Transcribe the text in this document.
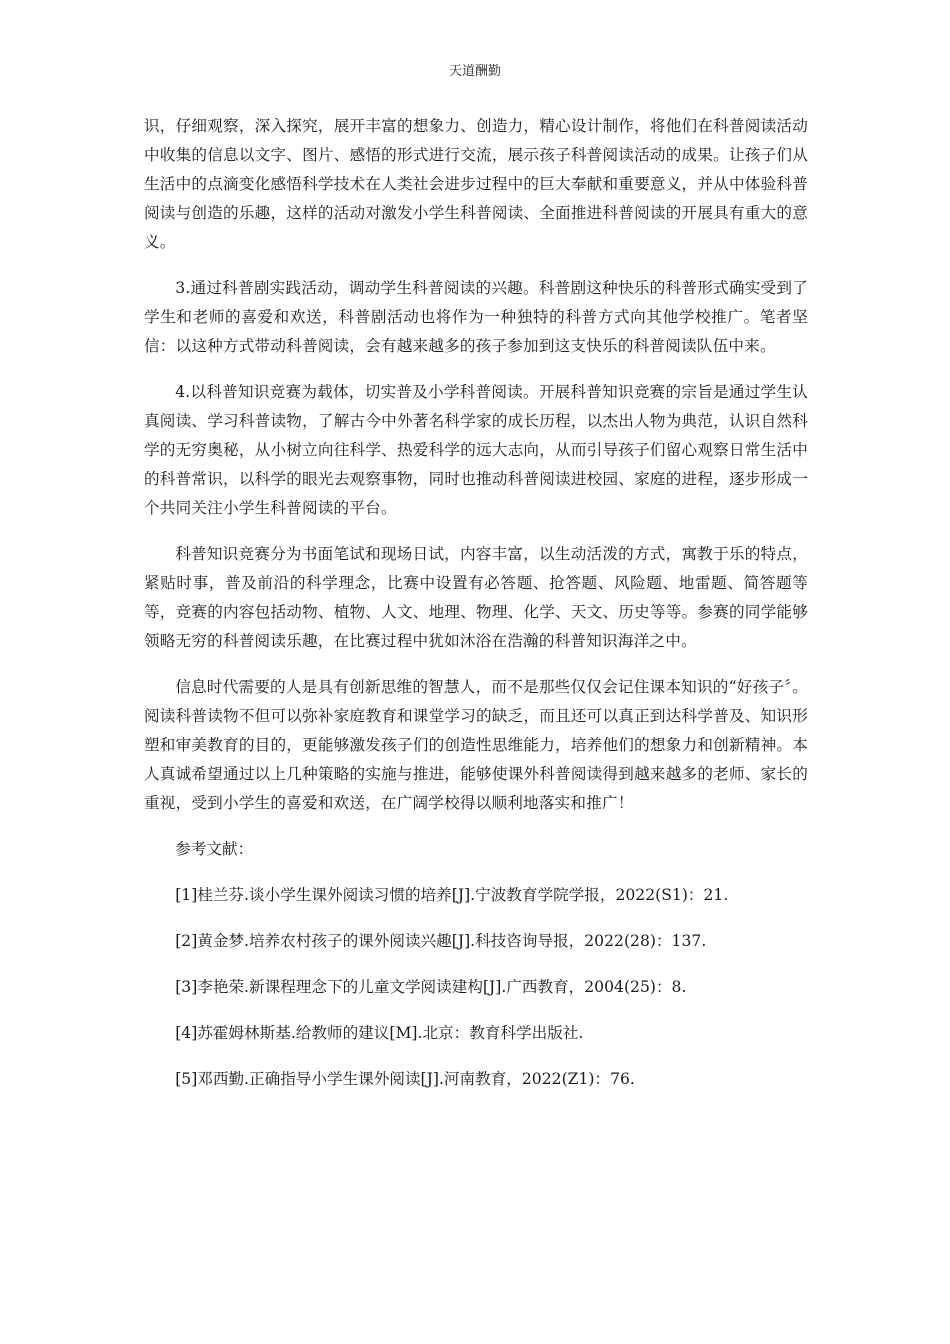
天道酬勤

识，仔细观察，深入探究，展开丰富的想象力、创造力，精心设计制作，将他们在科普阅读活动中收集的信息以文字、图片、感悟的形式进行交流，展示孩子科普阅读活动的成果。让孩子们从生活中的点滴变化感悟科学技术在人类社会进步过程中的巨大奉献和重要意义，并从中体验科普阅读与创造的乐趣，这样的活动对激发小学生科普阅读、全面推进科普阅读的开展具有重大的意义。

3.通过科普剧实践活动，调动学生科普阅读的兴趣。科普剧这种快乐的科普形式确实受到了学生和老师的喜爱和欢送，科普剧活动也将作为一种独特的科普方式向其他学校推广。笔者坚信：以这种方式带动科普阅读，会有越来越多的孩子参加到这支快乐的科普阅读队伍中来。

4.以科普知识竞赛为载体，切实普及小学科普阅读。开展科普知识竞赛的宗旨是通过学生认真阅读、学习科普读物，了解古今中外著名科学家的成长历程，以杰出人物为典范，认识自然科学的无穷奥秘，从小树立向往科学、热爱科学的远大志向，从而引导孩子们留心观察日常生活中的科普常识，以科学的眼光去观察事物，同时也推动科普阅读进校园、家庭的进程，逐步形成一个共同关注小学生科普阅读的平台。

科普知识竞赛分为书面笔试和现场日试，内容丰富，以生动活泼的方式，寓教于乐的特点，紧贴时事，普及前沿的科学理念，比赛中设置有必答题、抢答题、风险题、地雷题、简答题等等，竞赛的内容包括动物、植物、人文、地理、物理、化学、天文、历史等等。参赛的同学能够领略无穷的科普阅读乐趣，在比赛过程中犹如沐浴在浩瀚的科普知识海洋之中。

信息时代需要的人是具有创新思维的智慧人，而不是那些仅仅会记住课本知识的“好孩子〞。阅读科普读物不但可以弥补家庭教育和课堂学习的缺乏，而且还可以真正到达科学普及、知识形塑和审美教育的目的，更能够激发孩子们的创造性思维能力，培养他们的想象力和创新精神。本人真诚希望通过以上几种策略的实施与推进，能够使课外科普阅读得到越来越多的老师、家长的重视，受到小学生的喜爱和欢送，在广阔学校得以顺利地落实和推广！

参考文献：

[1]桂兰芬.谈小学生课外阅读习惯的培养[J].宁波教育学院学报，2022(S1)：21.

[2]黄金梦.培养农村孩子的课外阅读兴趣[J].科技咨询导报，2022(28)：137.

[3]李艳荣.新课程理念下的儿童文学阅读建构[J].广西教育，2004(25)：8.

[4]苏霍姆林斯基.给教师的建议[M].北京：教育科学出版社.

[5]邓西勤.正确指导小学生课外阅读[J].河南教育，2022(Z1)：76.
